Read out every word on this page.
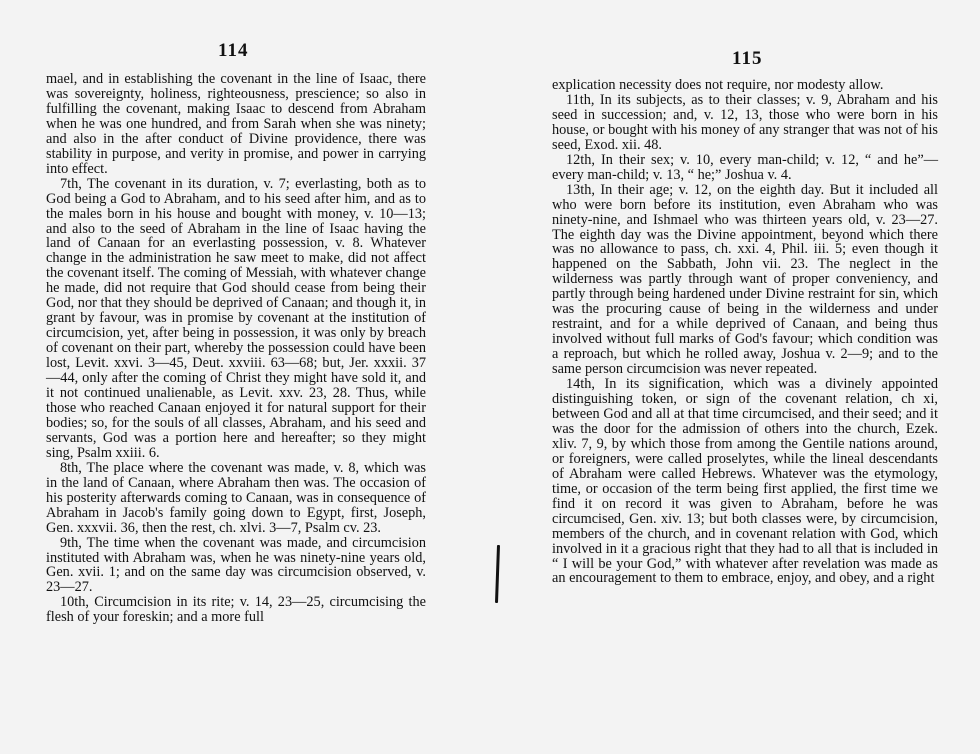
114

mael, and in establishing the covenant in the line of Isaac, there was sovereignty, holiness, righteousness, prescience; so also in fulfilling the covenant, making Isaac to descend from Abraham when he was one hundred, and from Sarah when she was ninety; and also in the after conduct of Divine providence, there was stability in purpose, and verity in promise, and power in carrying into effect.

7th, The covenant in its duration, v. 7; everlasting, both as to God being a God to Abraham, and to his seed after him, and as to the males born in his house and bought with money, v. 10—13; and also to the seed of Abraham in the line of Isaac having the land of Canaan for an everlasting possession, v. 8. Whatever change in the administration he saw meet to make, did not affect the covenant itself. The coming of Messiah, with whatever change he made, did not require that God should cease from being their God, nor that they should be deprived of Canaan; and though it, in grant by favour, was in promise by covenant at the institution of circumcision, yet, after being in possession, it was only by breach of covenant on their part, whereby the possession could have been lost, Levit. xxvi. 3—45, Deut. xxviii. 63—68; but, Jer. xxxii. 37—44, only after the coming of Christ they might have sold it, and it not continued unalienable, as Levit. xxv. 23, 28. Thus, while those who reached Canaan enjoyed it for natural support for their bodies; so, for the souls of all classes, Abraham, and his seed and servants, God was a portion here and hereafter; so they might sing, Psalm xxiii. 6.

8th, The place where the covenant was made, v. 8, which was in the land of Canaan, where Abraham then was. The occasion of his posterity afterwards coming to Canaan, was in consequence of Abraham in Jacob's family going down to Egypt, first, Joseph, Gen. xxxvii. 36, then the rest, ch. xlvi. 3—7, Psalm cv. 23.

9th, The time when the covenant was made, and circumcision instituted with Abraham was, when he was ninety-nine years old, Gen. xvii. 1; and on the same day was circumcision observed, v. 23—27.

10th, Circumcision in its rite; v. 14, 23—25, circumcising the flesh of your foreskin; and a more full

115

explication necessity does not require, nor modesty allow.

11th, In its subjects, as to their classes; v. 9, Abraham and his seed in succession; and, v. 12, 13, those who were born in his house, or bought with his money of any stranger that was not of his seed, Exod. xii. 48.

12th, In their sex; v. 10, every man-child; v. 12, “ and he”—every man-child; v. 13, “ he;” Joshua v. 4.

13th, In their age; v. 12, on the eighth day. But it included all who were born before its institution, even Abraham who was ninety-nine, and Ishmael who was thirteen years old, v. 23—27. The eighth day was the Divine appointment, beyond which there was no allowance to pass, ch. xxi. 4, Phil. iii. 5; even though it happened on the Sabbath, John vii. 23. The neglect in the wilderness was partly through want of proper conveniency, and partly through being hardened under Divine restraint for sin, which was the procuring cause of being in the wilderness and under restraint, and for a while deprived of Canaan, and being thus involved without full marks of God's favour; which condition was a reproach, but which he rolled away, Joshua v. 2—9; and to the same person circumcision was never repeated.

14th, In its signification, which was a divinely appointed distinguishing token, or sign of the covenant relation, ch xi, between God and all at that time circumcised, and their seed; and it was the door for the admission of others into the church, Ezek. xliv. 7, 9, by which those from among the Gentile nations around, or foreigners, were called proselytes, while the lineal descendants of Abraham were called Hebrews. Whatever was the etymology, time, or occasion of the term being first applied, the first time we find it on record it was given to Abraham, before he was circumcised, Gen. xiv. 13; but both classes were, by circumcision, members of the church, and in covenant relation with God, which involved in it a gracious right that they had to all that is included in “ I will be your God,” with whatever after revelation was made as an encouragement to them to embrace, enjoy, and obey, and a right
